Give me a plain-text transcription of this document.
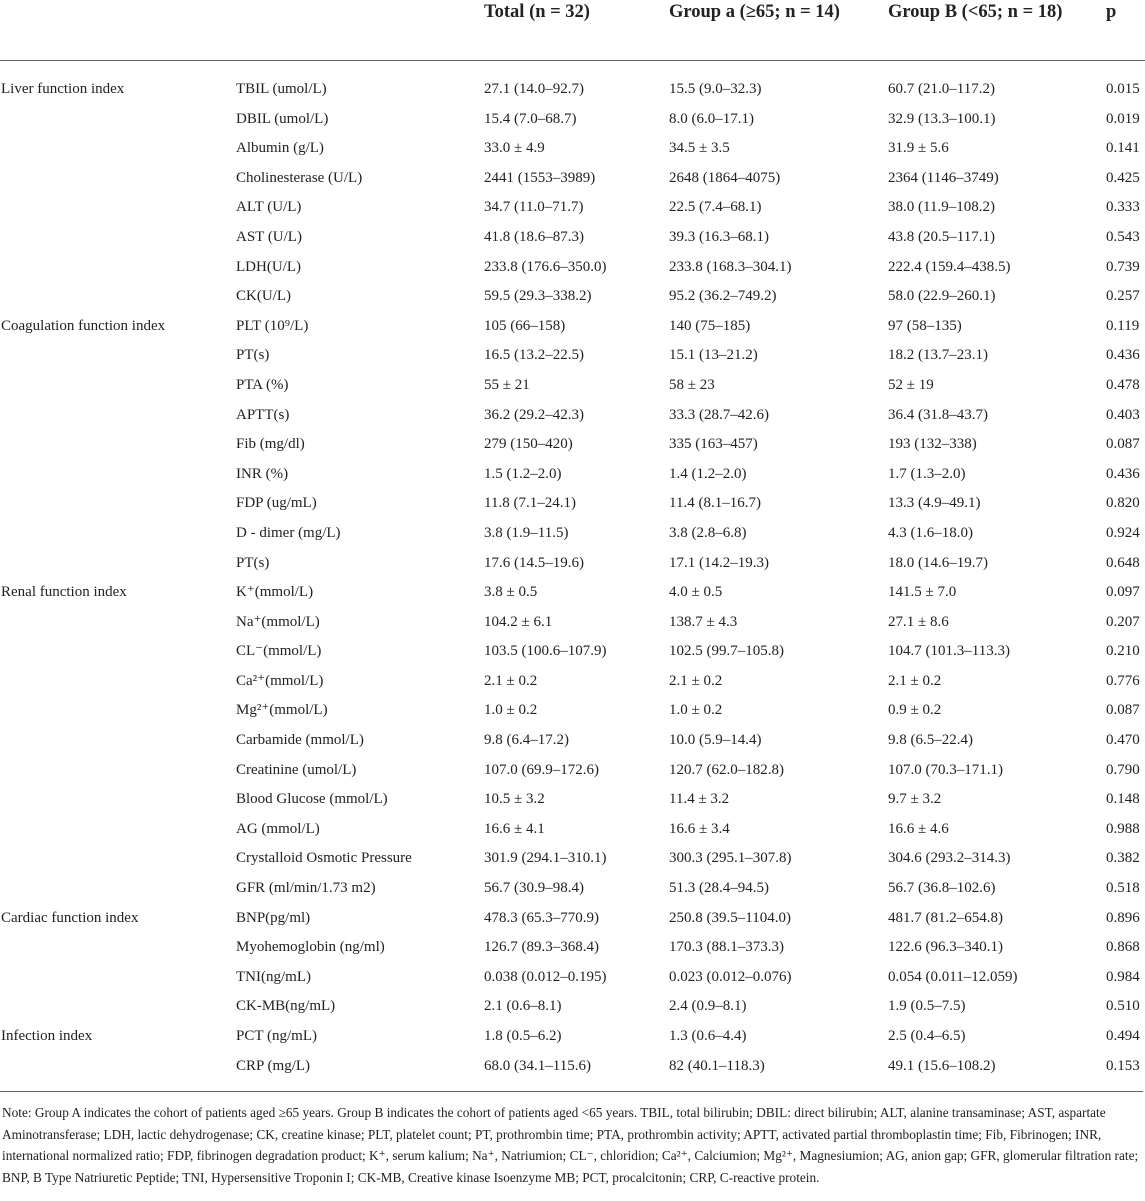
		Total (n = 32)	Group a (≥65; n = 14)	Group B (<65; n = 18)	p
Liver function index	TBIL (umol/L)	27.1 (14.0–92.7)	15.5 (9.0–32.3)	60.7 (21.0–117.2)	0.015
	DBIL (umol/L)	15.4 (7.0–68.7)	8.0 (6.0–17.1)	32.9 (13.3–100.1)	0.019
	Albumin (g/L)	33.0 ± 4.9	34.5 ± 3.5	31.9 ± 5.6	0.141
	Cholinesterase (U/L)	2441 (1553–3989)	2648 (1864–4075)	2364 (1146–3749)	0.425
	ALT (U/L)	34.7 (11.0–71.7)	22.5 (7.4–68.1)	38.0 (11.9–108.2)	0.333
	AST (U/L)	41.8 (18.6–87.3)	39.3 (16.3–68.1)	43.8 (20.5–117.1)	0.543
	LDH(U/L)	233.8 (176.6–350.0)	233.8 (168.3–304.1)	222.4 (159.4–438.5)	0.739
	CK(U/L)	59.5 (29.3–338.2)	95.2 (36.2–749.2)	58.0 (22.9–260.1)	0.257
Coagulation function index	PLT (10⁹/L)	105 (66–158)	140 (75–185)	97 (58–135)	0.119
	PT(s)	16.5 (13.2–22.5)	15.1 (13–21.2)	18.2 (13.7–23.1)	0.436
	PTA (%)	55 ± 21	58 ± 23	52 ± 19	0.478
	APTT(s)	36.2 (29.2–42.3)	33.3 (28.7–42.6)	36.4 (31.8–43.7)	0.403
	Fib (mg/dl)	279 (150–420)	335 (163–457)	193 (132–338)	0.087
	INR (%)	1.5 (1.2–2.0)	1.4 (1.2–2.0)	1.7 (1.3–2.0)	0.436
	FDP (ug/mL)	11.8 (7.1–24.1)	11.4 (8.1–16.7)	13.3 (4.9–49.1)	0.820
	D - dimer (mg/L)	3.8 (1.9–11.5)	3.8 (2.8–6.8)	4.3 (1.6–18.0)	0.924
	PT(s)	17.6 (14.5–19.6)	17.1 (14.2–19.3)	18.0 (14.6–19.7)	0.648
Renal function index	K⁺(mmol/L)	3.8 ± 0.5	4.0 ± 0.5	141.5 ± 7.0	0.097
	Na⁺(mmol/L)	104.2 ± 6.1	138.7 ± 4.3	27.1 ± 8.6	0.207
	CL⁻(mmol/L)	103.5 (100.6–107.9)	102.5 (99.7–105.8)	104.7 (101.3–113.3)	0.210
	Ca²⁺(mmol/L)	2.1 ± 0.2	2.1 ± 0.2	2.1 ± 0.2	0.776
	Mg²⁺(mmol/L)	1.0 ± 0.2	1.0 ± 0.2	0.9 ± 0.2	0.087
	Carbamide (mmol/L)	9.8 (6.4–17.2)	10.0 (5.9–14.4)	9.8 (6.5–22.4)	0.470
	Creatinine (umol/L)	107.0 (69.9–172.6)	120.7 (62.0–182.8)	107.0 (70.3–171.1)	0.790
	Blood Glucose (mmol/L)	10.5 ± 3.2	11.4 ± 3.2	9.7 ± 3.2	0.148
	AG (mmol/L)	16.6 ± 4.1	16.6 ± 3.4	16.6 ± 4.6	0.988
	Crystalloid Osmotic Pressure	301.9 (294.1–310.1)	300.3 (295.1–307.8)	304.6 (293.2–314.3)	0.382
	GFR (ml/min/1.73 m2)	56.7 (30.9–98.4)	51.3 (28.4–94.5)	56.7 (36.8–102.6)	0.518
Cardiac function index	BNP(pg/ml)	478.3 (65.3–770.9)	250.8 (39.5–1104.0)	481.7 (81.2–654.8)	0.896
	Myohemoglobin (ng/ml)	126.7 (89.3–368.4)	170.3 (88.1–373.3)	122.6 (96.3–340.1)	0.868
	TNI(ng/mL)	0.038 (0.012–0.195)	0.023 (0.012–0.076)	0.054 (0.011–12.059)	0.984
	CK-MB(ng/mL)	2.1 (0.6–8.1)	2.4 (0.9–8.1)	1.9 (0.5–7.5)	0.510
Infection index	PCT (ng/mL)	1.8 (0.5–6.2)	1.3 (0.6–4.4)	2.5 (0.4–6.5)	0.494
	CRP (mg/L)	68.0 (34.1–115.6)	82 (40.1–118.3)	49.1 (15.6–108.2)	0.153
Note: Group A indicates the cohort of patients aged ≥65 years. Group B indicates the cohort of patients aged <65 years. TBIL, total bilirubin; DBIL: direct bilirubin; ALT, alanine transaminase; AST, aspartate Aminotransferase; LDH, lactic dehydrogenase; CK, creatine kinase; PLT, platelet count; PT, prothrombin time; PTA, prothrombin activity; APTT, activated partial thromboplastin time; Fib, Fibrinogen; INR, international normalized ratio; FDP, fibrinogen degradation product; K⁺, serum kalium; Na⁺, Natriumion; CL⁻, chloridion; Ca²⁺, Calciumion; Mg²⁺, Magnesiumion; AG, anion gap; GFR, glomerular filtration rate; BNP, B Type Natriuretic Peptide; TNI, Hypersensitive Troponin I; CK-MB, Creative kinase Isoenzyme MB; PCT, procalcitonin; CRP, C-reactive protein.
